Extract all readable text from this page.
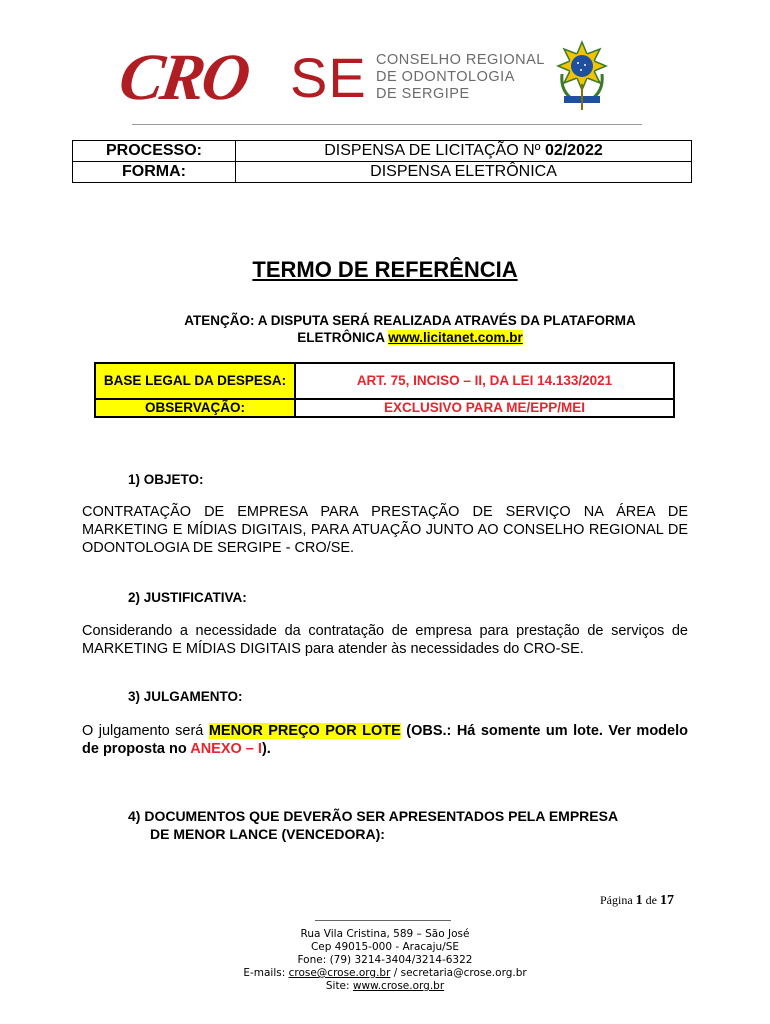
CRO SE CONSELHO REGIONAL
DE ODONTOLOGIA
DE SERGIPE
PROCESSO:	DISPENSA DE LICITAÇÃO Nº 02/2022
FORMA:	DISPENSA ELETRÔNICA
TERMO DE REFERÊNCIA
ATENÇÃO: A DISPUTA SERÁ REALIZADA ATRAVÉS DA PLATAFORMA ELETRÔNICA www.licitanet.com.br
BASE LEGAL DA DESPESA:	ART. 75, INCISO – II, DA LEI 14.133/2021
OBSERVAÇÃO:	EXCLUSIVO PARA ME/EPP/MEI
1) OBJETO:
CONTRATAÇÃO DE EMPRESA PARA PRESTAÇÃO DE SERVIÇO NA ÁREA DE MARKETING E MÍDIAS DIGITAIS, PARA ATUAÇÃO JUNTO AO CONSELHO REGIONAL DE ODONTOLOGIA DE SERGIPE - CRO/SE.
2) JUSTIFICATIVA:
Considerando a necessidade da contratação de empresa para prestação de serviços de MARKETING E MÍDIAS DIGITAIS para atender às necessidades do CRO-SE.
3) JULGAMENTO:
O julgamento será MENOR PREÇO POR LOTE (OBS.: Há somente um lote. Ver modelo de proposta no ANEXO – I).
4) DOCUMENTOS QUE DEVERÃO SER APRESENTADOS PELA EMPRESA
DE MENOR LANCE (VENCEDORA):
Página 1 de 17
Rua Vila Cristina, 589 – São José
Cep 49015-000 - Aracaju/SE
Fone: (79) 3214-3404/3214-6322
E-mails: crose@crose.org.br / secretaria@crose.org.br
Site: www.crose.org.br
